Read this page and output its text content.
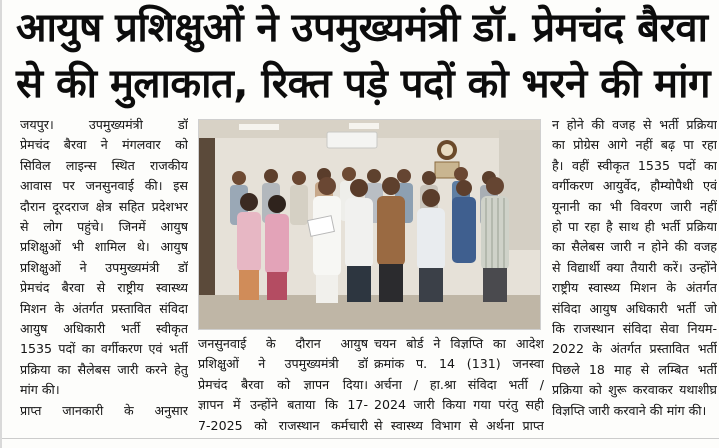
आयुष प्रशिक्षुओं ने उपमुख्यमंत्री डॉ. प्रेमचंद बैरवा
से की मुलाकात, रिक्त पड़े पदों को भरने की मांग
जयपुर। उपमुख्यमंत्री डॉ
प्रेमचंद बैरवा ने मंगलवार को
सिविल लाइन्स स्थित राजकीय
आवास पर जनसुनवाई की। इस
दौरान दूरदराज क्षेत्र सहित प्रदेशभर
से लोग पहुंचे। जिनमें आयुष
प्रशिक्षुओं भी शामिल थे। आयुष
प्रशिक्षुओं ने उपमुख्यमंत्री डॉ
प्रेमचंद बैरवा से राष्ट्रीय स्वास्थ्य
मिशन के अंतर्गत प्रस्तावित संविदा
आयुष अधिकारी भर्ती स्वीकृत
1535 पदों का वर्गीकरण एवं भर्ती
प्रक्रिया का सैलेबस जारी करने हेतु
मांग की।
प्राप्त जानकारी के अनुसार
जनसुनवाई के दौरान आयुष
प्रशिक्षुओं ने उपमुख्यमंत्री डॉ
प्रेमचंद बैरवा को ज्ञापन दिया।
ज्ञापन में उन्होंने बताया कि 17-
7-2025 को राजस्थान कर्मचारी
चयन बोर्ड ने विज्ञप्ति का आदेश
क्रमांक प. 14 (131) जनस्वा
अर्चना / हा.श्रा संविदा भर्ती /
2024 जारी किया गया परंतु सही
से स्वास्थ्य विभाग से अर्थना प्राप्त
न होने की वजह से भर्ती प्रक्रिया
का प्रोग्रेस आगे नहीं बढ़ पा रहा
है। वहीं स्वीकृत 1535 पदों का
वर्गीकरण आयुर्वेद, हौम्योपैथी एवं
यूनानी का भी विवरण जारी नहीं
हो पा रहा है साथ ही भर्ती प्रक्रिया
का सैलेबस जारी न होने की वजह
से विद्यार्थी क्या तैयारी करें। उन्होंने
राष्ट्रीय स्वास्थ्य मिशन के अंतर्गत
संविदा आयुष अधिकारी भर्ती जो
कि राजस्थान संविदा सेवा नियम-
2022 के अंतर्गत प्रस्तावित भर्ती
पिछले 18 माह से लम्बित भर्ती
प्रक्रिया को शुरू करवाकर यथाशीघ्र
विज्ञप्ति जारी करवाने की मांग की।
